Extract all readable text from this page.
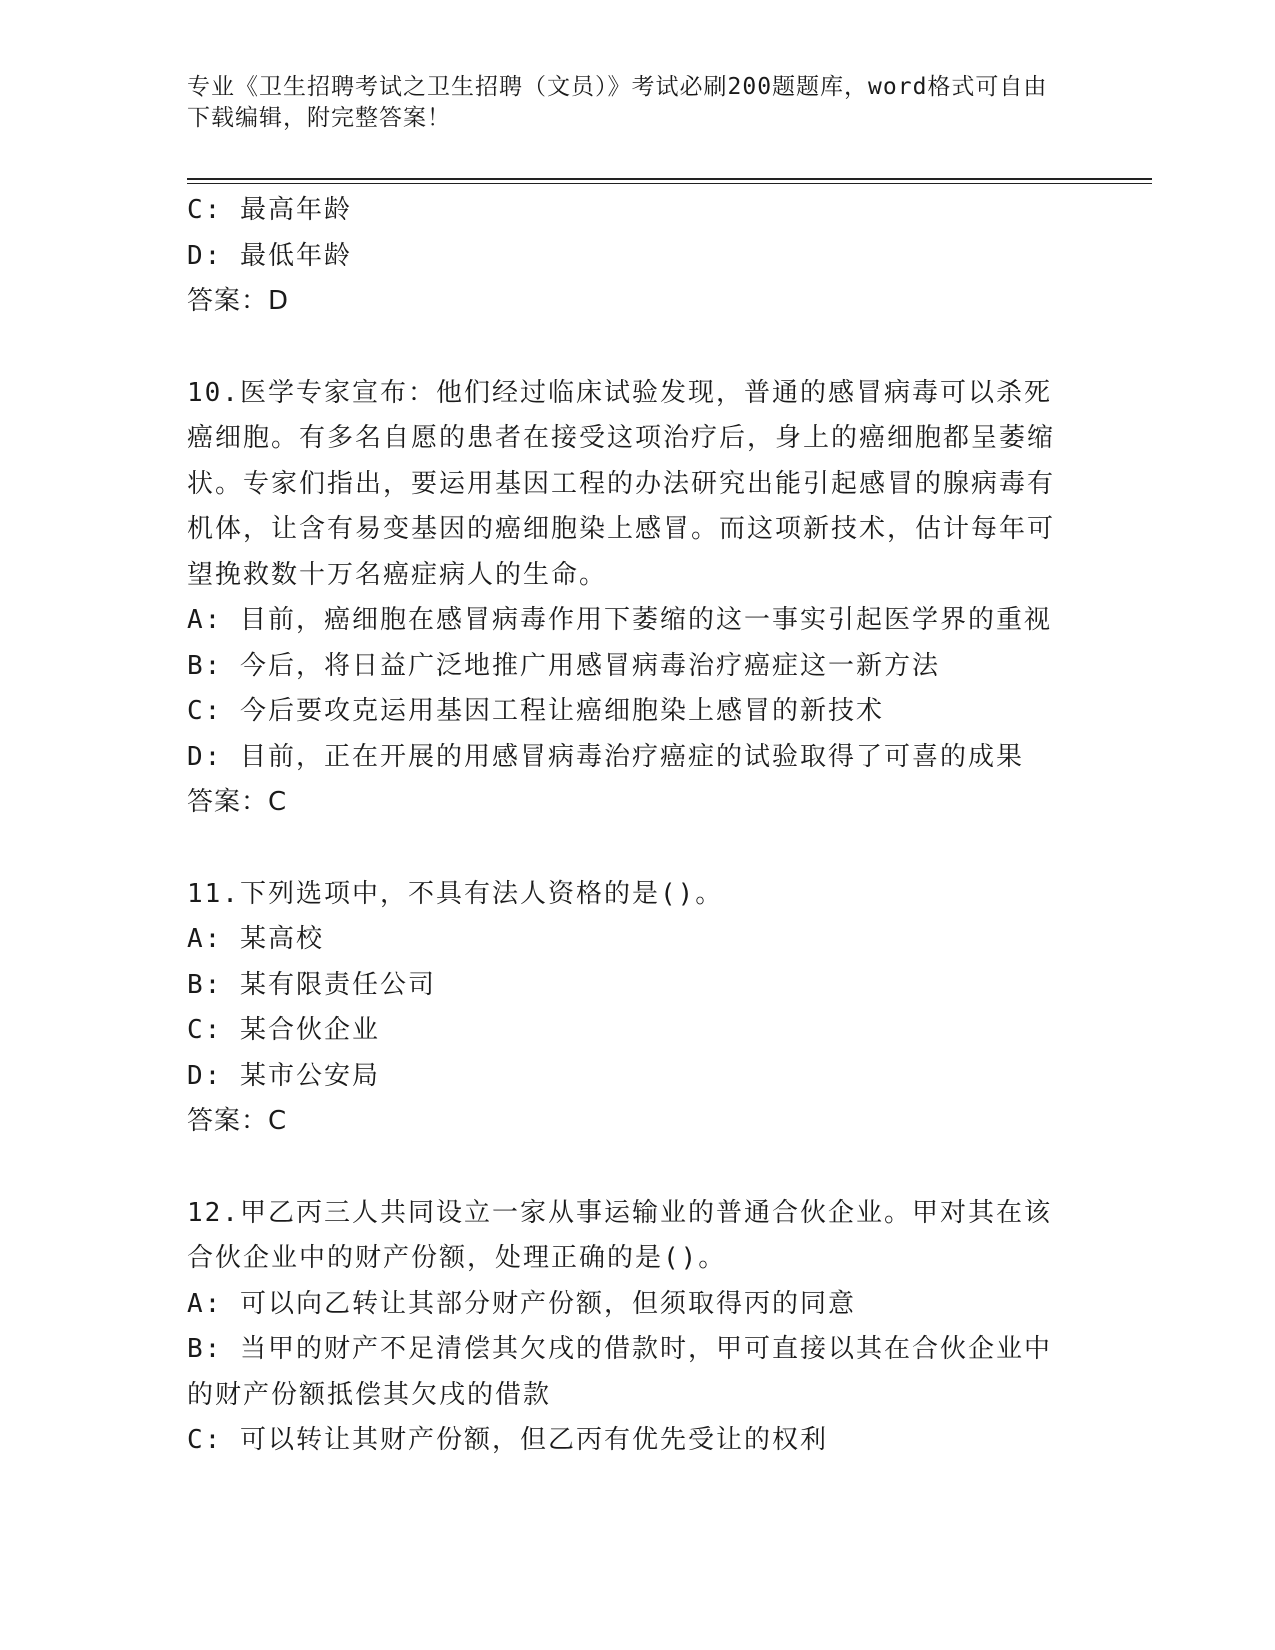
专业《卫生招聘考试之卫生招聘（文员）》考试必刷200题题库，word格式可自由下载编辑，附完整答案！
C: 最高年龄
D: 最低年龄
答案：D
10.医学专家宣布：他们经过临床试验发现，普通的感冒病毒可以杀死癌细胞。有多名自愿的患者在接受这项治疗后，身上的癌细胞都呈萎缩状。专家们指出，要运用基因工程的办法研究出能引起感冒的腺病毒有机体，让含有易变基因的癌细胞染上感冒。而这项新技术，估计每年可望挽救数十万名癌症病人的生命。
A: 目前，癌细胞在感冒病毒作用下萎缩的这一事实引起医学界的重视
B: 今后，将日益广泛地推广用感冒病毒治疗癌症这一新方法
C: 今后要攻克运用基因工程让癌细胞染上感冒的新技术
D: 目前，正在开展的用感冒病毒治疗癌症的试验取得了可喜的成果
答案：C
11.下列选项中，不具有法人资格的是()。
A: 某高校
B: 某有限责任公司
C: 某合伙企业
D: 某市公安局
答案：C
12.甲乙丙三人共同设立一家从事运输业的普通合伙企业。甲对其在该合伙企业中的财产份额，处理正确的是()。
A: 可以向乙转让其部分财产份额，但须取得丙的同意
B: 当甲的财产不足清偿其欠戌的借款时，甲可直接以其在合伙企业中的财产份额抵偿其欠戌的借款
C: 可以转让其财产份额，但乙丙有优先受让的权利
